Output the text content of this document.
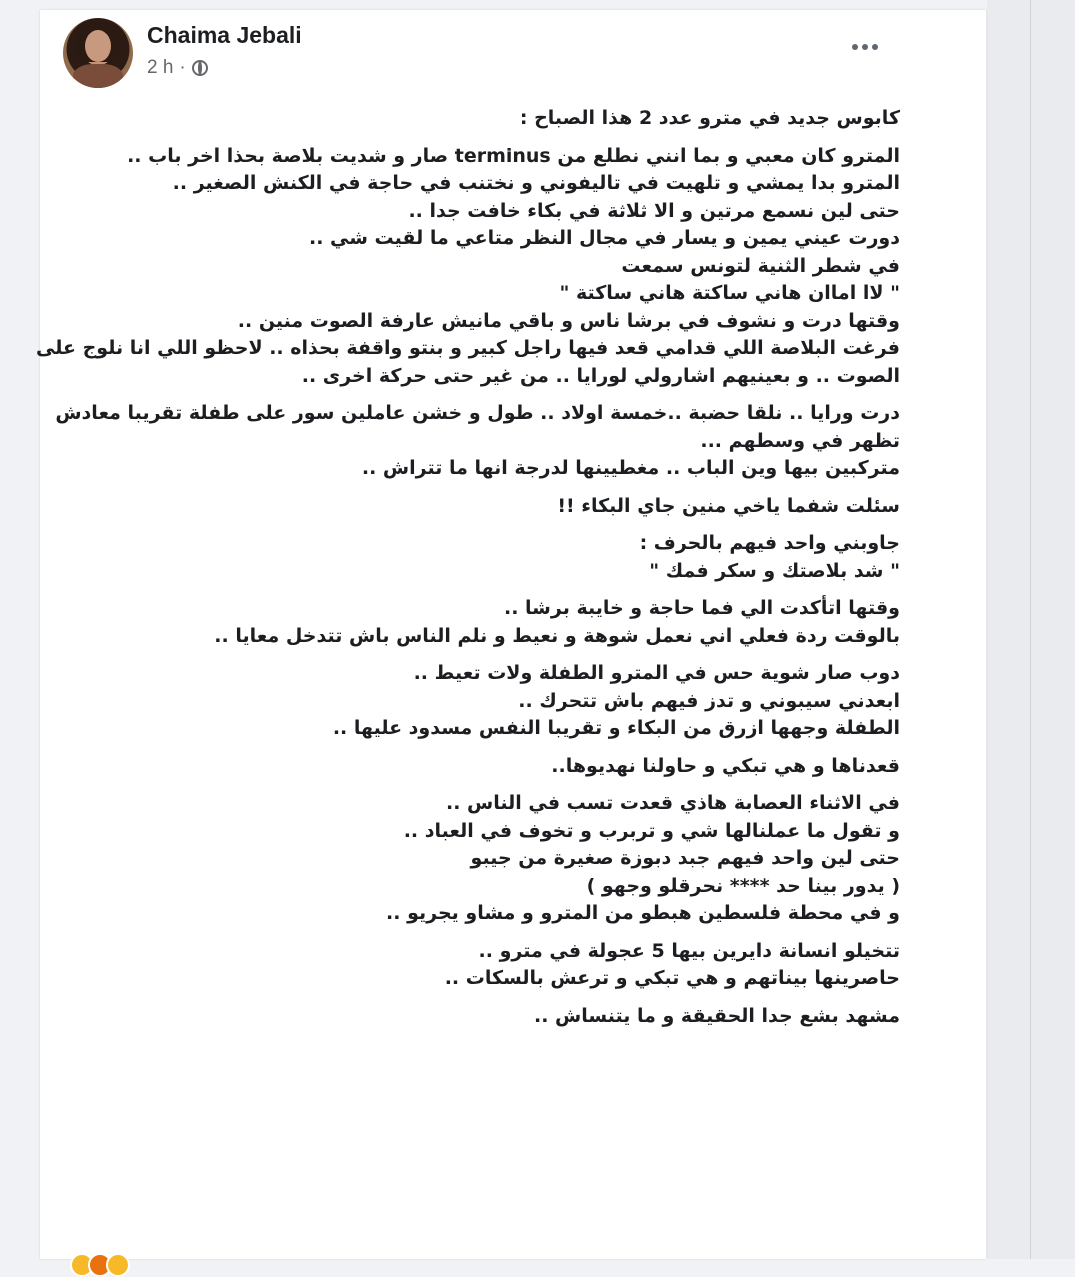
Chaima Jebali
2 h ·
كابوس جديد في مترو عدد 2 هذا الصباح :
المترو كان معبي و بما انني نطلع من terminus صار و شديت بلاصة بحذا اخر باب ..
المترو بدا يمشي و تلهيت في تاليفوني و نختنب في حاجة في الكنش الصغير ..
حتى لين نسمع مرتين و الا ثلاثة في بكاء خافت جدا ..
دورت عيني يمين و يسار في مجال النظر متاعي ما لقيت شي ..
في شطر الثنية لتونس سمعت
" لاا اماان هاني ساكتة هاني ساكتة "
وقتها درت و نشوف في برشا ناس و باقي مانيش عارفة الصوت منين ..
فرغت البلاصة اللي قدامي قعد فيها راجل كبير و بنتو واقفة بحذاه .. لاحظو اللي انا نلوج على
الصوت .. و بعينيهم اشارولي لورايا .. من غير حتى حركة اخرى ..
درت ورايا .. نلقا حضبة ..خمسة اولاد .. طول و خشن عاملين سور على طفلة تقريبا معادش
تظهر في وسطهم ...
متركبين بيها وين الباب .. مغطيينها لدرجة انها ما تتراش ..
سئلت شفما ياخي منين جاي البكاء !!
جاوبني واحد فيهم بالحرف :
" شد بلاصتك و سكر فمك "
وقتها اتأكدت الي فما حاجة و خايبة برشا ..
بالوقت ردة فعلي اني نعمل شوهة و نعيط و نلم الناس باش تتدخل معايا ..
دوب صار شوية حس في المترو الطفلة ولات تعيط ..
ابعدني سيبوني و تدز فيهم باش تتحرك ..
الطفلة وجهها ازرق من البكاء و تقريبا النفس مسدود عليها ..
قعدناها و هي تبكي و حاولنا نهديوها..
في الاثناء العصابة هاذي قعدت تسب في الناس ..
و تقول ما عملنالها شي و تربرب و تخوف في العباد ..
حتى لين واحد فيهم جبد دبوزة صغيرة من جيبو
( يدور بينا حد **** نحرقلو وجهو )
و في محطة فلسطين هبطو من المترو و مشاو يجريو ..
تتخيلو انسانة دايرين بيها 5 عجولة في مترو ..
حاصرينها بيناتهم و هي تبكي و ترعش بالسكات ..
مشهد بشع جدا الحقيقة و ما يتنساش ..
